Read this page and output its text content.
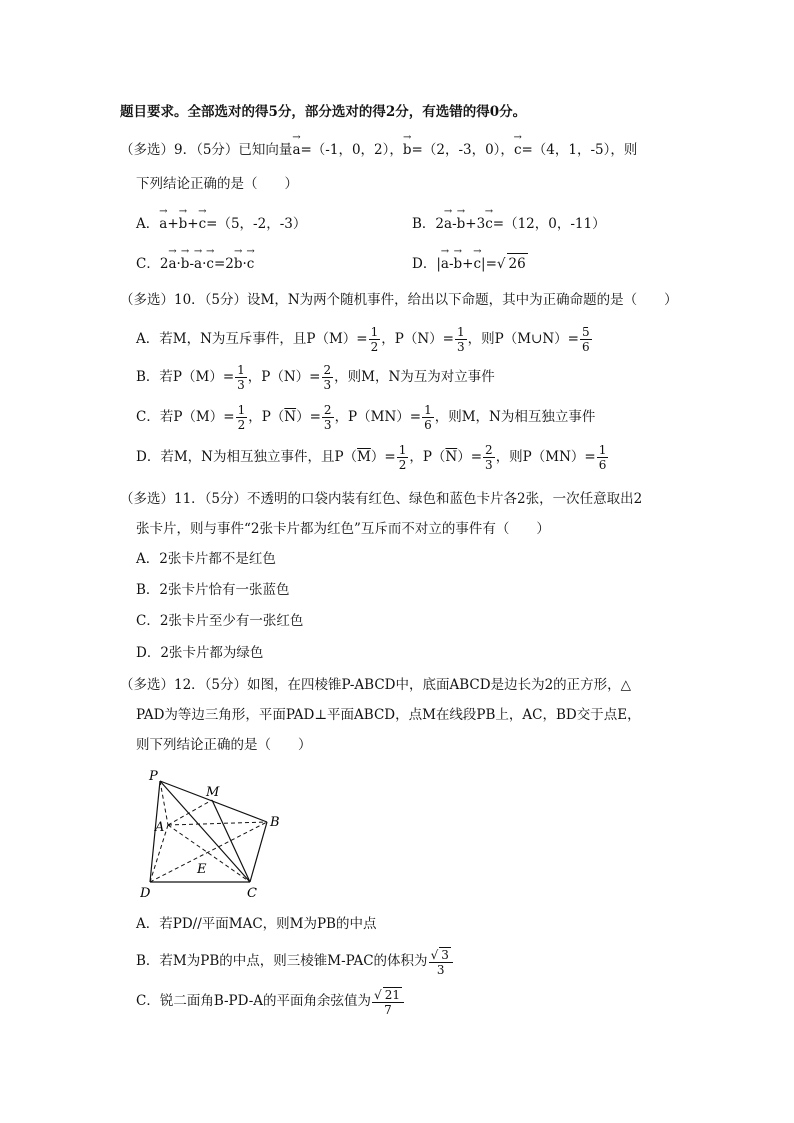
题目要求。全部选对的得5分，部分选对的得2分，有选错的得0分。
（多选）9．（5分）已知向量→ a=（-1，0，2），→ b=（2，-3，0），→ c=（4，1，-5），则
下列结论正确的是（　　）
A．→ a+→ b+→ c=（5，-2，-3）	B．2→ a-→ b+3→ c=（12，0，-11）
C．2→ a·→ b-→ a·→ c=2→ b·→ c	D．|→ a-→ b+→ c|= √ 26
（多选）10．（5分）设M，N为两个随机事件，给出以下命题，其中为正确命题的是（　　）
A．若M，N为互斥事件，且$P(M)= \frac{1}{2}$ ，$P(N)= \frac{1}{3}$ ，则P（M∪N）= $\frac{5}{6}$
B．若$P(M)= \frac{1}{3}$ ，$P(N)= \frac{2}{3}$ ，则M，N为互为对立事件
C．若$P(M)= \frac{1}{2}$ ，$P(\overline{N})= \frac{2}{3}$ ，$P(MN)= \frac{1}{6}$ ，则M，N为相互独立事件
D．若M，N为相互独立事件，且$P(\overline{M})= \frac{1}{2}$ ，$P(\overline{N})= \frac{2}{3}$ ，则$P(MN)= \frac{1}{6}$
（多选）11．（5分）不透明的口袋内装有红色、绿色和蓝色卡片各2张，一次任意取出2
张卡片，则与事件“2张卡片都为红色”互斥而不对立的事件有（　　）
A．2张卡片都不是红色
B．2张卡片恰有一张蓝色
C．2张卡片至少有一张红色
D．2张卡片都为绿色
（多选）12．（5分）如图，在四棱锥P-ABCD中，底面ABCD是边长为2的正方形，△
PAD为等边三角形，平面PAD⊥平面ABCD，点M在线段PB上，AC，BD交于点E，
则下列结论正确的是（　　）
P
M
A	B
E
D	C
A．若PD//平面MAC，则M为PB的中点
B．若M为PB的中点，则三棱锥M-PAC的体积为 √ $\frac{3}{3}$
C．锐二面角B-PD-A的平面角余弦值为 √ $\frac{21}{7}$
